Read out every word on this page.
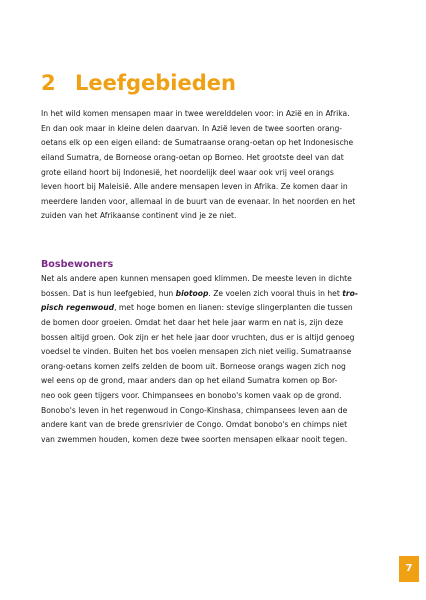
2 Leefgebieden
In het wild komen mensapen maar in twee werelddelen voor: in Azië en in Afrika.
En dan ook maar in kleine delen daarvan. In Azië leven de twee soorten orang-
oetans elk op een eigen eiland: de Sumatraanse orang-oetan op het Indonesische
eiland Sumatra, de Borneose orang-oetan op Borneo. Het grootste deel van dat
grote eiland hoort bij Indonesië, het noordelijk deel waar ook vrij veel orangs
leven hoort bij Maleisië. Alle andere mensapen leven in Afrika. Ze komen daar in
meerdere landen voor, allemaal in de buurt van de evenaar. In het noorden en het
zuiden van het Afrikaanse continent vind je ze niet.
Bosbewoners
Net als andere apen kunnen mensapen goed klimmen. De meeste leven in dichte
bossen. Dat is hun leefgebied, hun biotoop. Ze voelen zich vooral thuis in het tro-
pisch regenwoud, met hoge bomen en lianen: stevige slingerplanten die tussen
de bomen door groeien. Omdat het daar het hele jaar warm en nat is, zijn deze
bossen altijd groen. Ook zijn er het hele jaar door vruchten, dus er is altijd genoeg
voedsel te vinden. Buiten het bos voelen mensapen zich niet veilig. Sumatraanse
orang-oetans komen zelfs zelden de boom uit. Borneose orangs wagen zich nog
wel eens op de grond, maar anders dan op het eiland Sumatra komen op Bor-
neo ook geen tijgers voor. Chimpansees en bonobo's komen vaak op de grond.
Bonobo's leven in het regenwoud in Congo-Kinshasa, chimpansees leven aan de
andere kant van de brede grensrivier de Congo. Omdat bonobo's en chimps niet
van zwemmen houden, komen deze twee soorten mensapen elkaar nooit tegen.
7
